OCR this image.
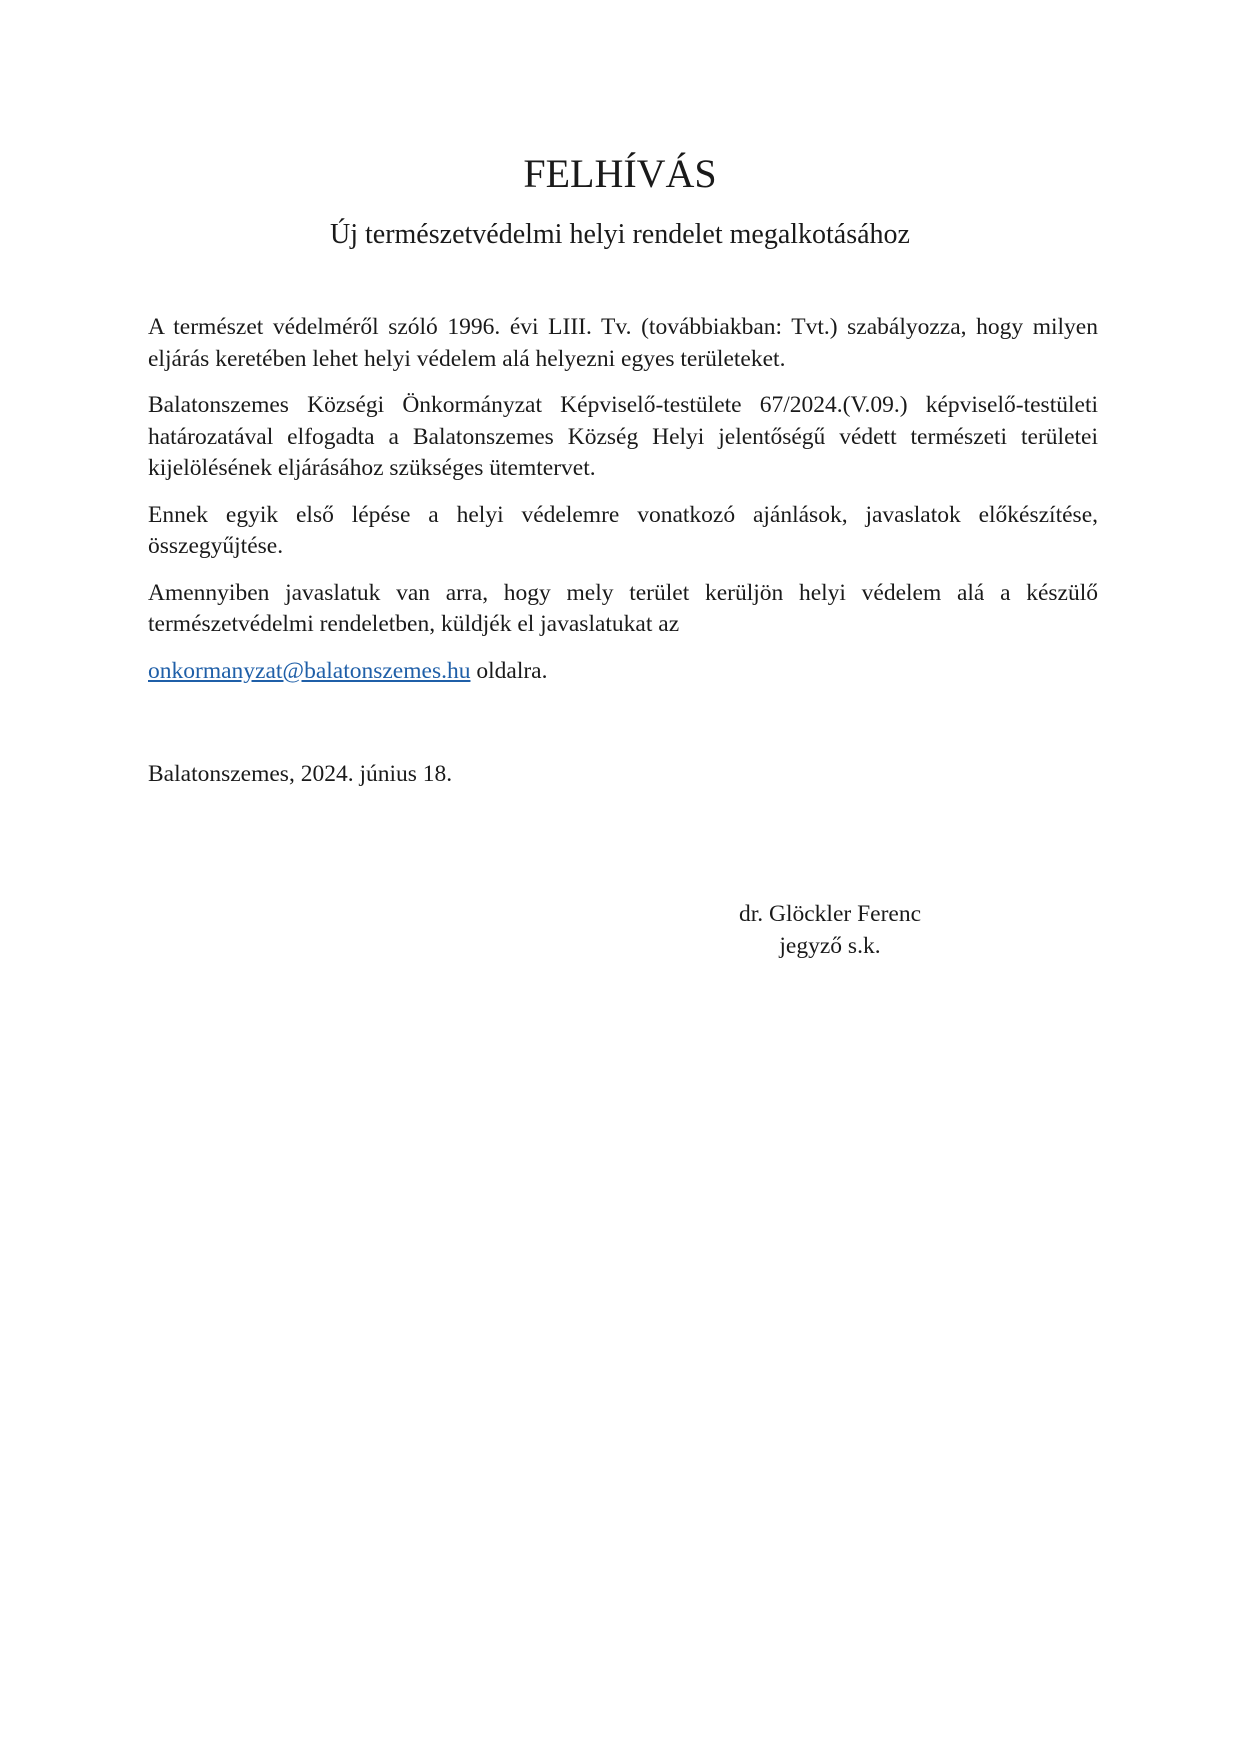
FELHÍVÁS
Új természetvédelmi helyi rendelet megalkotásához

A természet védelméről szóló 1996. évi LIII. Tv. (továbbiakban: Tvt.) szabályozza, hogy milyen eljárás keretében lehet helyi védelem alá helyezni egyes területeket.

Balatonszemes Községi Önkormányzat Képviselő-testülete 67/2024.(V.09.) képviselő-testületi határozatával elfogadta a Balatonszemes Község Helyi jelentőségű védett természeti területei kijelölésének eljárásához szükséges ütemtervet.

Ennek egyik első lépése a helyi védelemre vonatkozó ajánlások, javaslatok előkészítése, összegyűjtése.

Amennyiben javaslatuk van arra, hogy mely terület kerüljön helyi védelem alá a készülő természetvédelmi rendeletben, küldjék el javaslatukat az

onkormanyzat@balatonszemes.hu oldalra.

Balatonszemes, 2024. június 18.

dr. Glöckler Ferenc
jegyző s.k.
